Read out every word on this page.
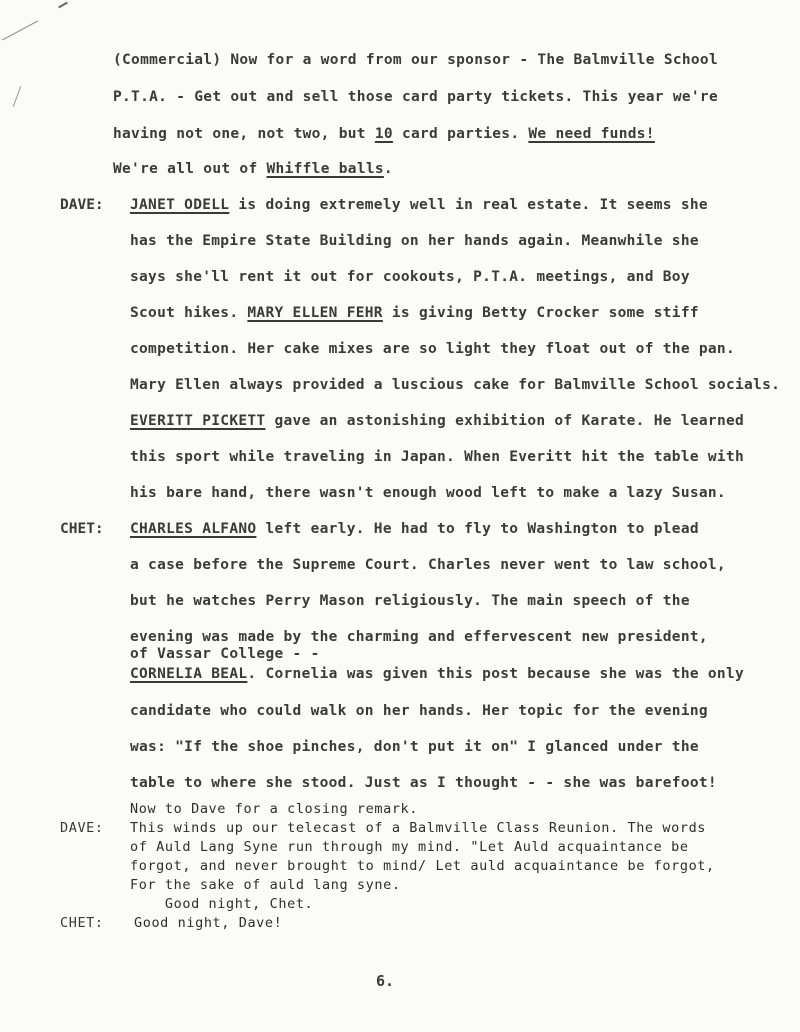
(Commercial) Now for a word from our sponsor - The Balmville School
P.T.A. - Get out and sell those card party tickets. This year we're
having not one, not two, but 10 card parties. We need funds!
We're all out of Whiffle balls.
DAVE: JANET ODELL is doing extremely well in real estate. It seems she
has the Empire State Building on her hands again. Meanwhile she
says she'll rent it out for cookouts, P.T.A. meetings, and Boy
Scout hikes. MARY ELLEN FEHR is giving Betty Crocker some stiff
competition. Her cake mixes are so light they float out of the pan.
Mary Ellen always provided a luscious cake for Balmville School socials.
EVERITT PICKETT gave an astonishing exhibition of Karate. He learned
this sport while traveling in Japan. When Everitt hit the table with
his bare hand, there wasn't enough wood left to make a lazy Susan.
CHET: CHARLES ALFANO left early. He had to fly to Washington to plead
a case before the Supreme Court. Charles never went to law school,
but he watches Perry Mason religiously. The main speech of the
evening was made by the charming and effervescent new president,
of Vassar College - -
CORNELIA BEAL. Cornelia was given this post because she was the only
candidate who could walk on her hands. Her topic for the evening
was: "If the shoe pinches, don't put it on" I glanced under the
table to where she stood. Just as I thought - - she was barefoot!
Now to Dave for a closing remark.
DAVE: This winds up our telecast of a Balmville Class Reunion. The words
of Auld Lang Syne run through my mind. "Let Auld acquaintance be
forgot, and never brought to mind/ Let auld acquaintance be forgot,
For the sake of auld lang syne.
Good night, Chet.
CHET: Good night, Dave!
6.
